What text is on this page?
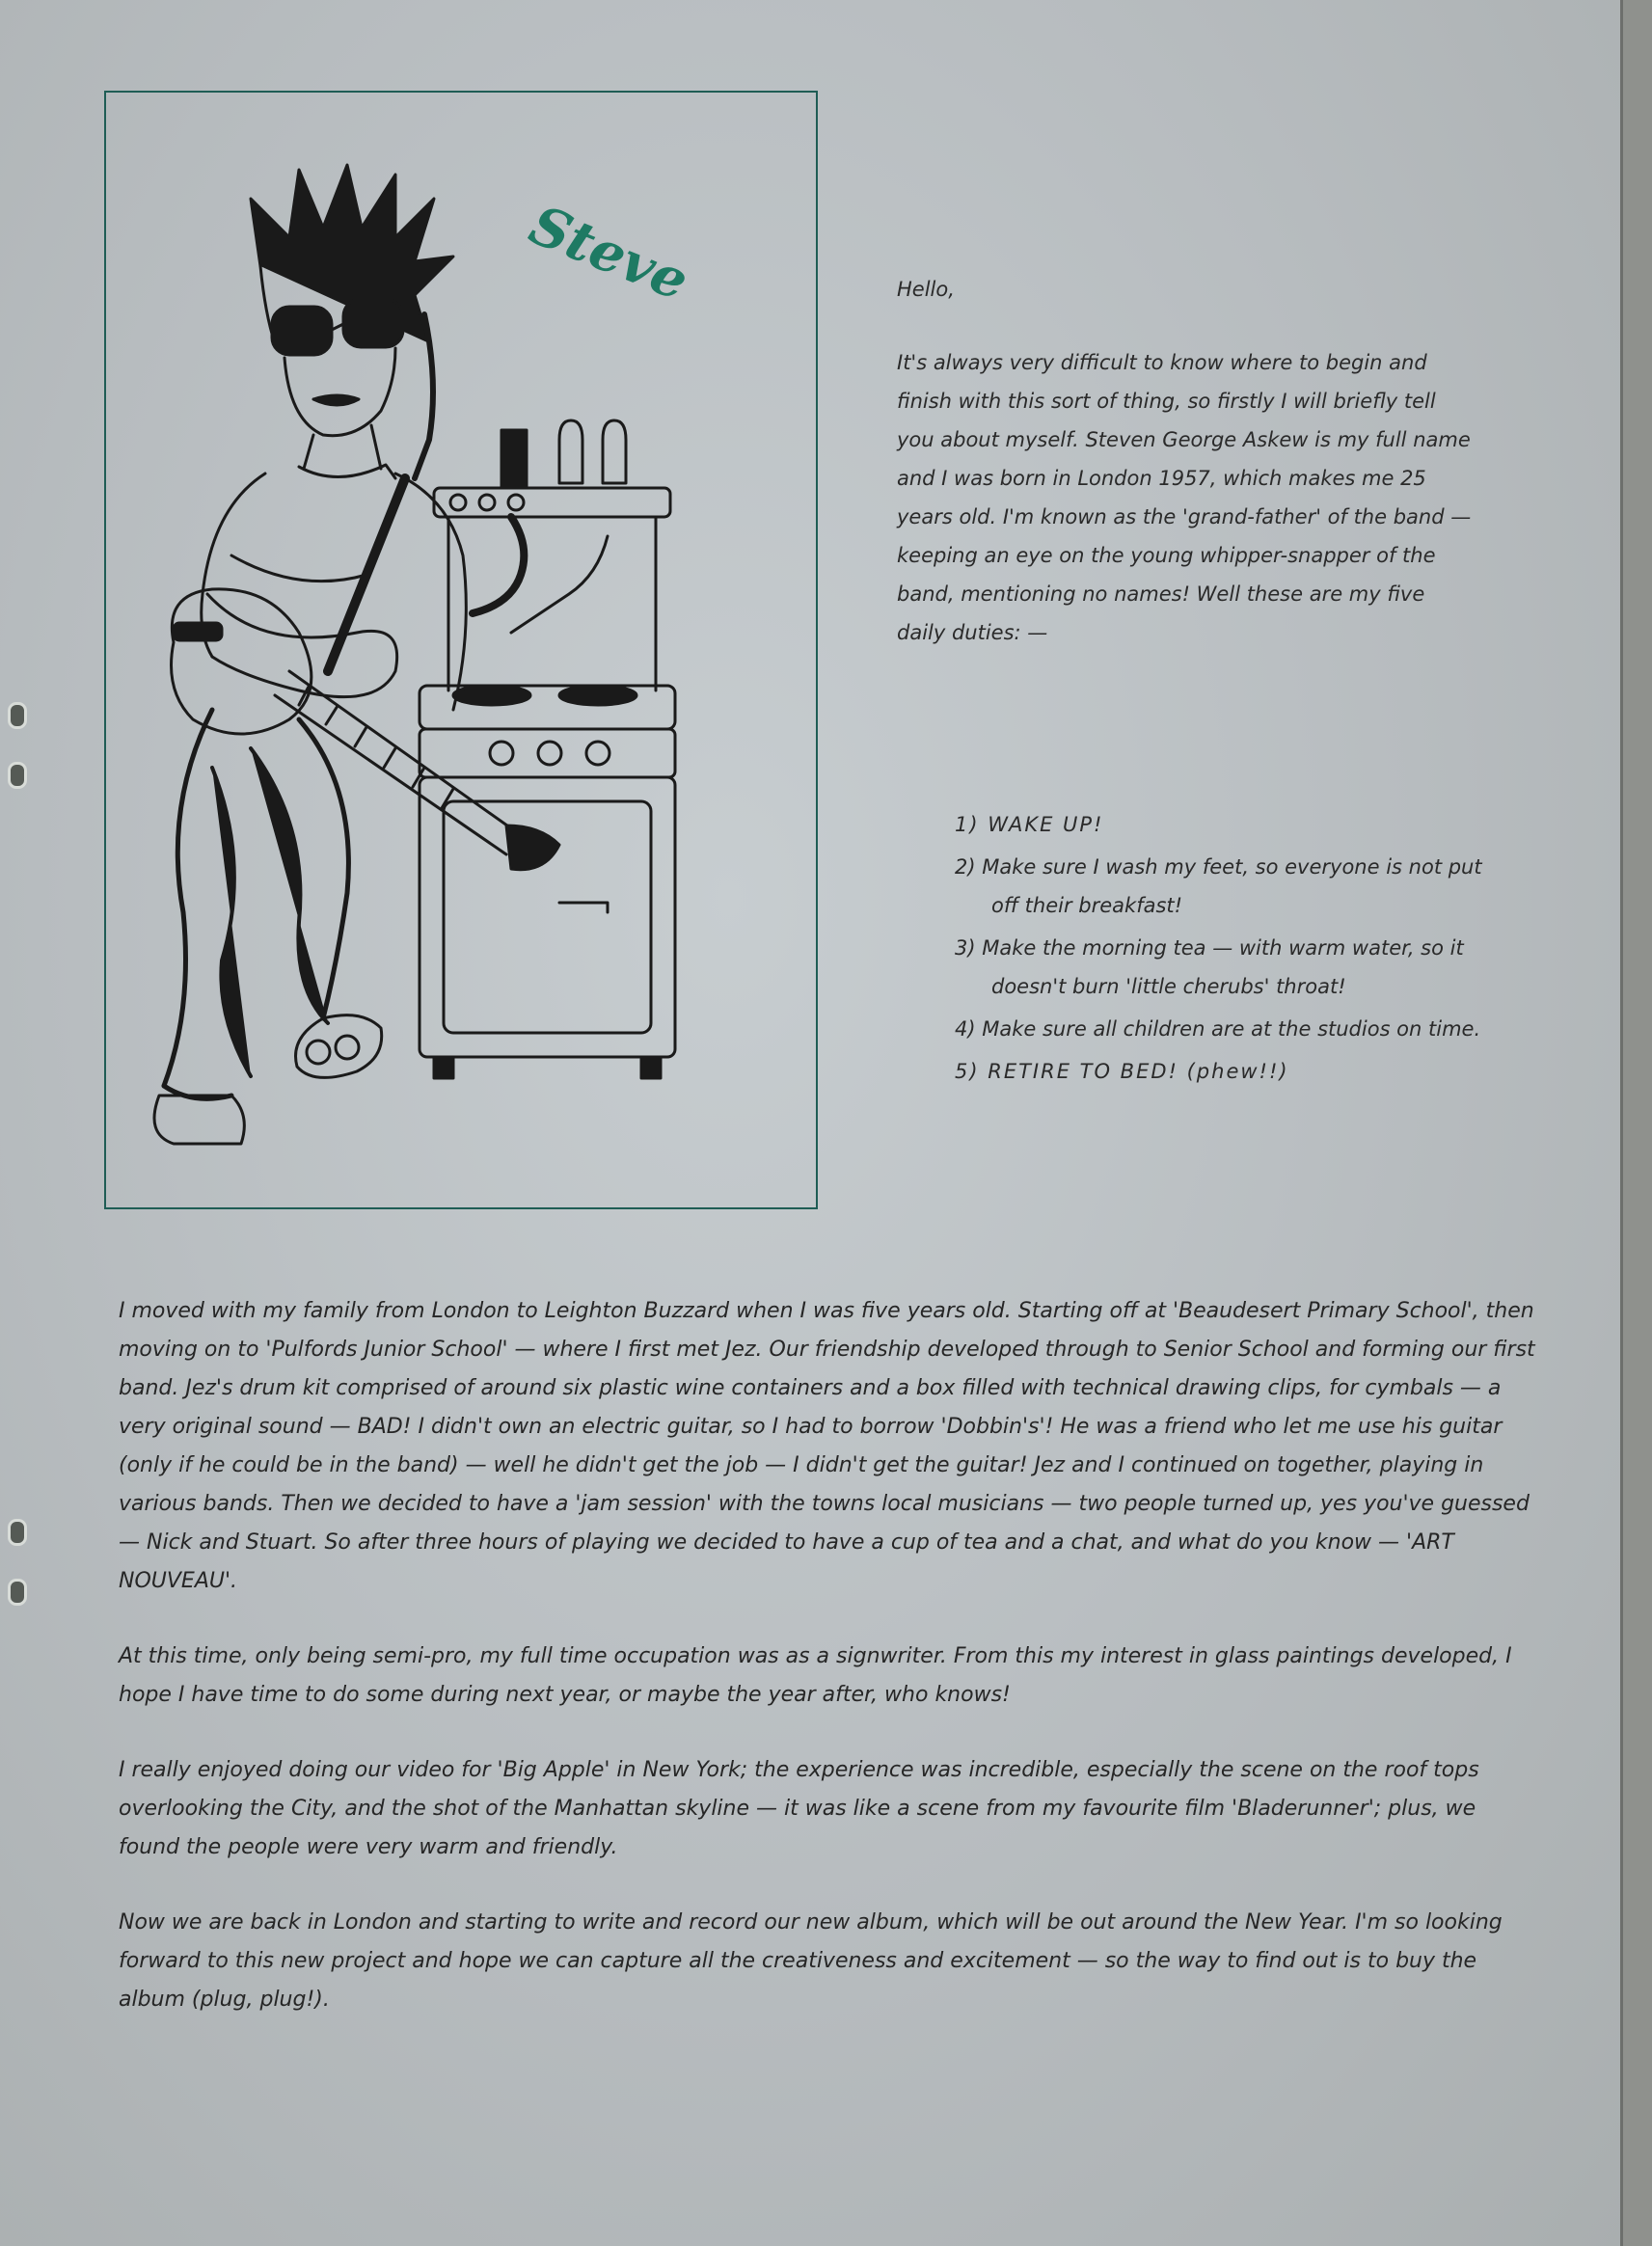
Steve	Hello,

It's always very difficult to know where to begin and finish with this sort of thing, so firstly I will briefly tell you about myself. Steven George Askew is my full name and I was born in London 1957, which makes me 25 years old. I'm known as the 'grand-father' of the band — keeping an eye on the young whipper-snapper of the band, mentioning no names! Well these are my five daily duties: —

1) WAKE UP!
2) Make sure I wash my feet, so everyone is not put off their breakfast!
3) Make the morning tea — with warm water, so it doesn't burn 'little cherubs' throat!
4) Make sure all children are at the studios on time.
5) RETIRE TO BED! (phew!!)

I moved with my family from London to Leighton Buzzard when I was five years old. Starting off at 'Beaudesert Primary School', then moving on to 'Pulfords Junior School' — where I first met Jez. Our friendship developed through to Senior School and forming our first band. Jez's drum kit comprised of around six plastic wine containers and a box filled with technical drawing clips, for cymbals — a very original sound — BAD! I didn't own an electric guitar, so I had to borrow 'Dobbin's'! He was a friend who let me use his guitar (only if he could be in the band) — well he didn't get the job — I didn't get the guitar! Jez and I continued on together, playing in various bands. Then we decided to have a 'jam session' with the towns local musicians — two people turned up, yes you've guessed — Nick and Stuart. So after three hours of playing we decided to have a cup of tea and a chat, and what do you know — 'ART NOUVEAU'.

At this time, only being semi-pro, my full time occupation was as a signwriter. From this my interest in glass paintings developed, I hope I have time to do some during next year, or maybe the year after, who knows!

I really enjoyed doing our video for 'Big Apple' in New York; the experience was incredible, especially the scene on the roof tops overlooking the City, and the shot of the Manhattan skyline — it was like a scene from my favourite film 'Bladerunner'; plus, we found the people were very warm and friendly.

Now we are back in London and starting to write and record our new album, which will be out around the New Year. I'm so looking forward to this new project and hope we can capture all the creativeness and excitement — so the way to find out is to buy the album (plug, plug!).
